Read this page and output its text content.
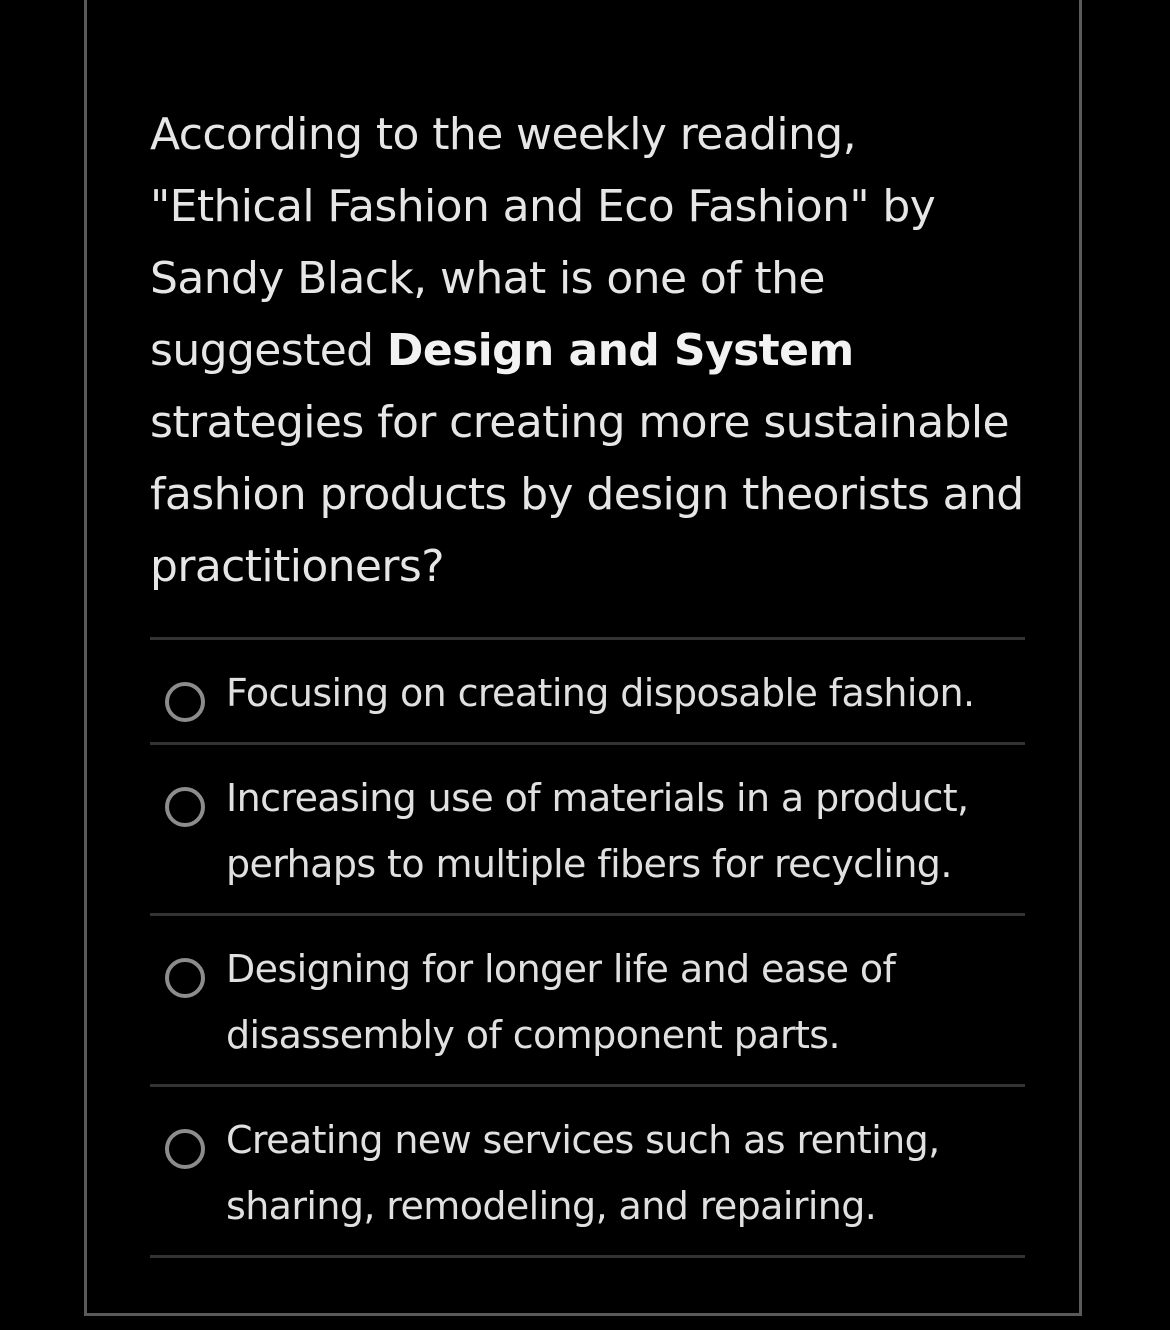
According to the weekly reading, "Ethical Fashion and Eco Fashion" by Sandy Black, what is one of the suggested Design and System strategies for creating more sustainable fashion products by design theorists and practitioners?

Focusing on creating disposable fashion.
Increasing use of materials in a product, perhaps to multiple fibers for recycling.
Designing for longer life and ease of disassembly of component parts.
Creating new services such as renting, sharing, remodeling, and repairing.
